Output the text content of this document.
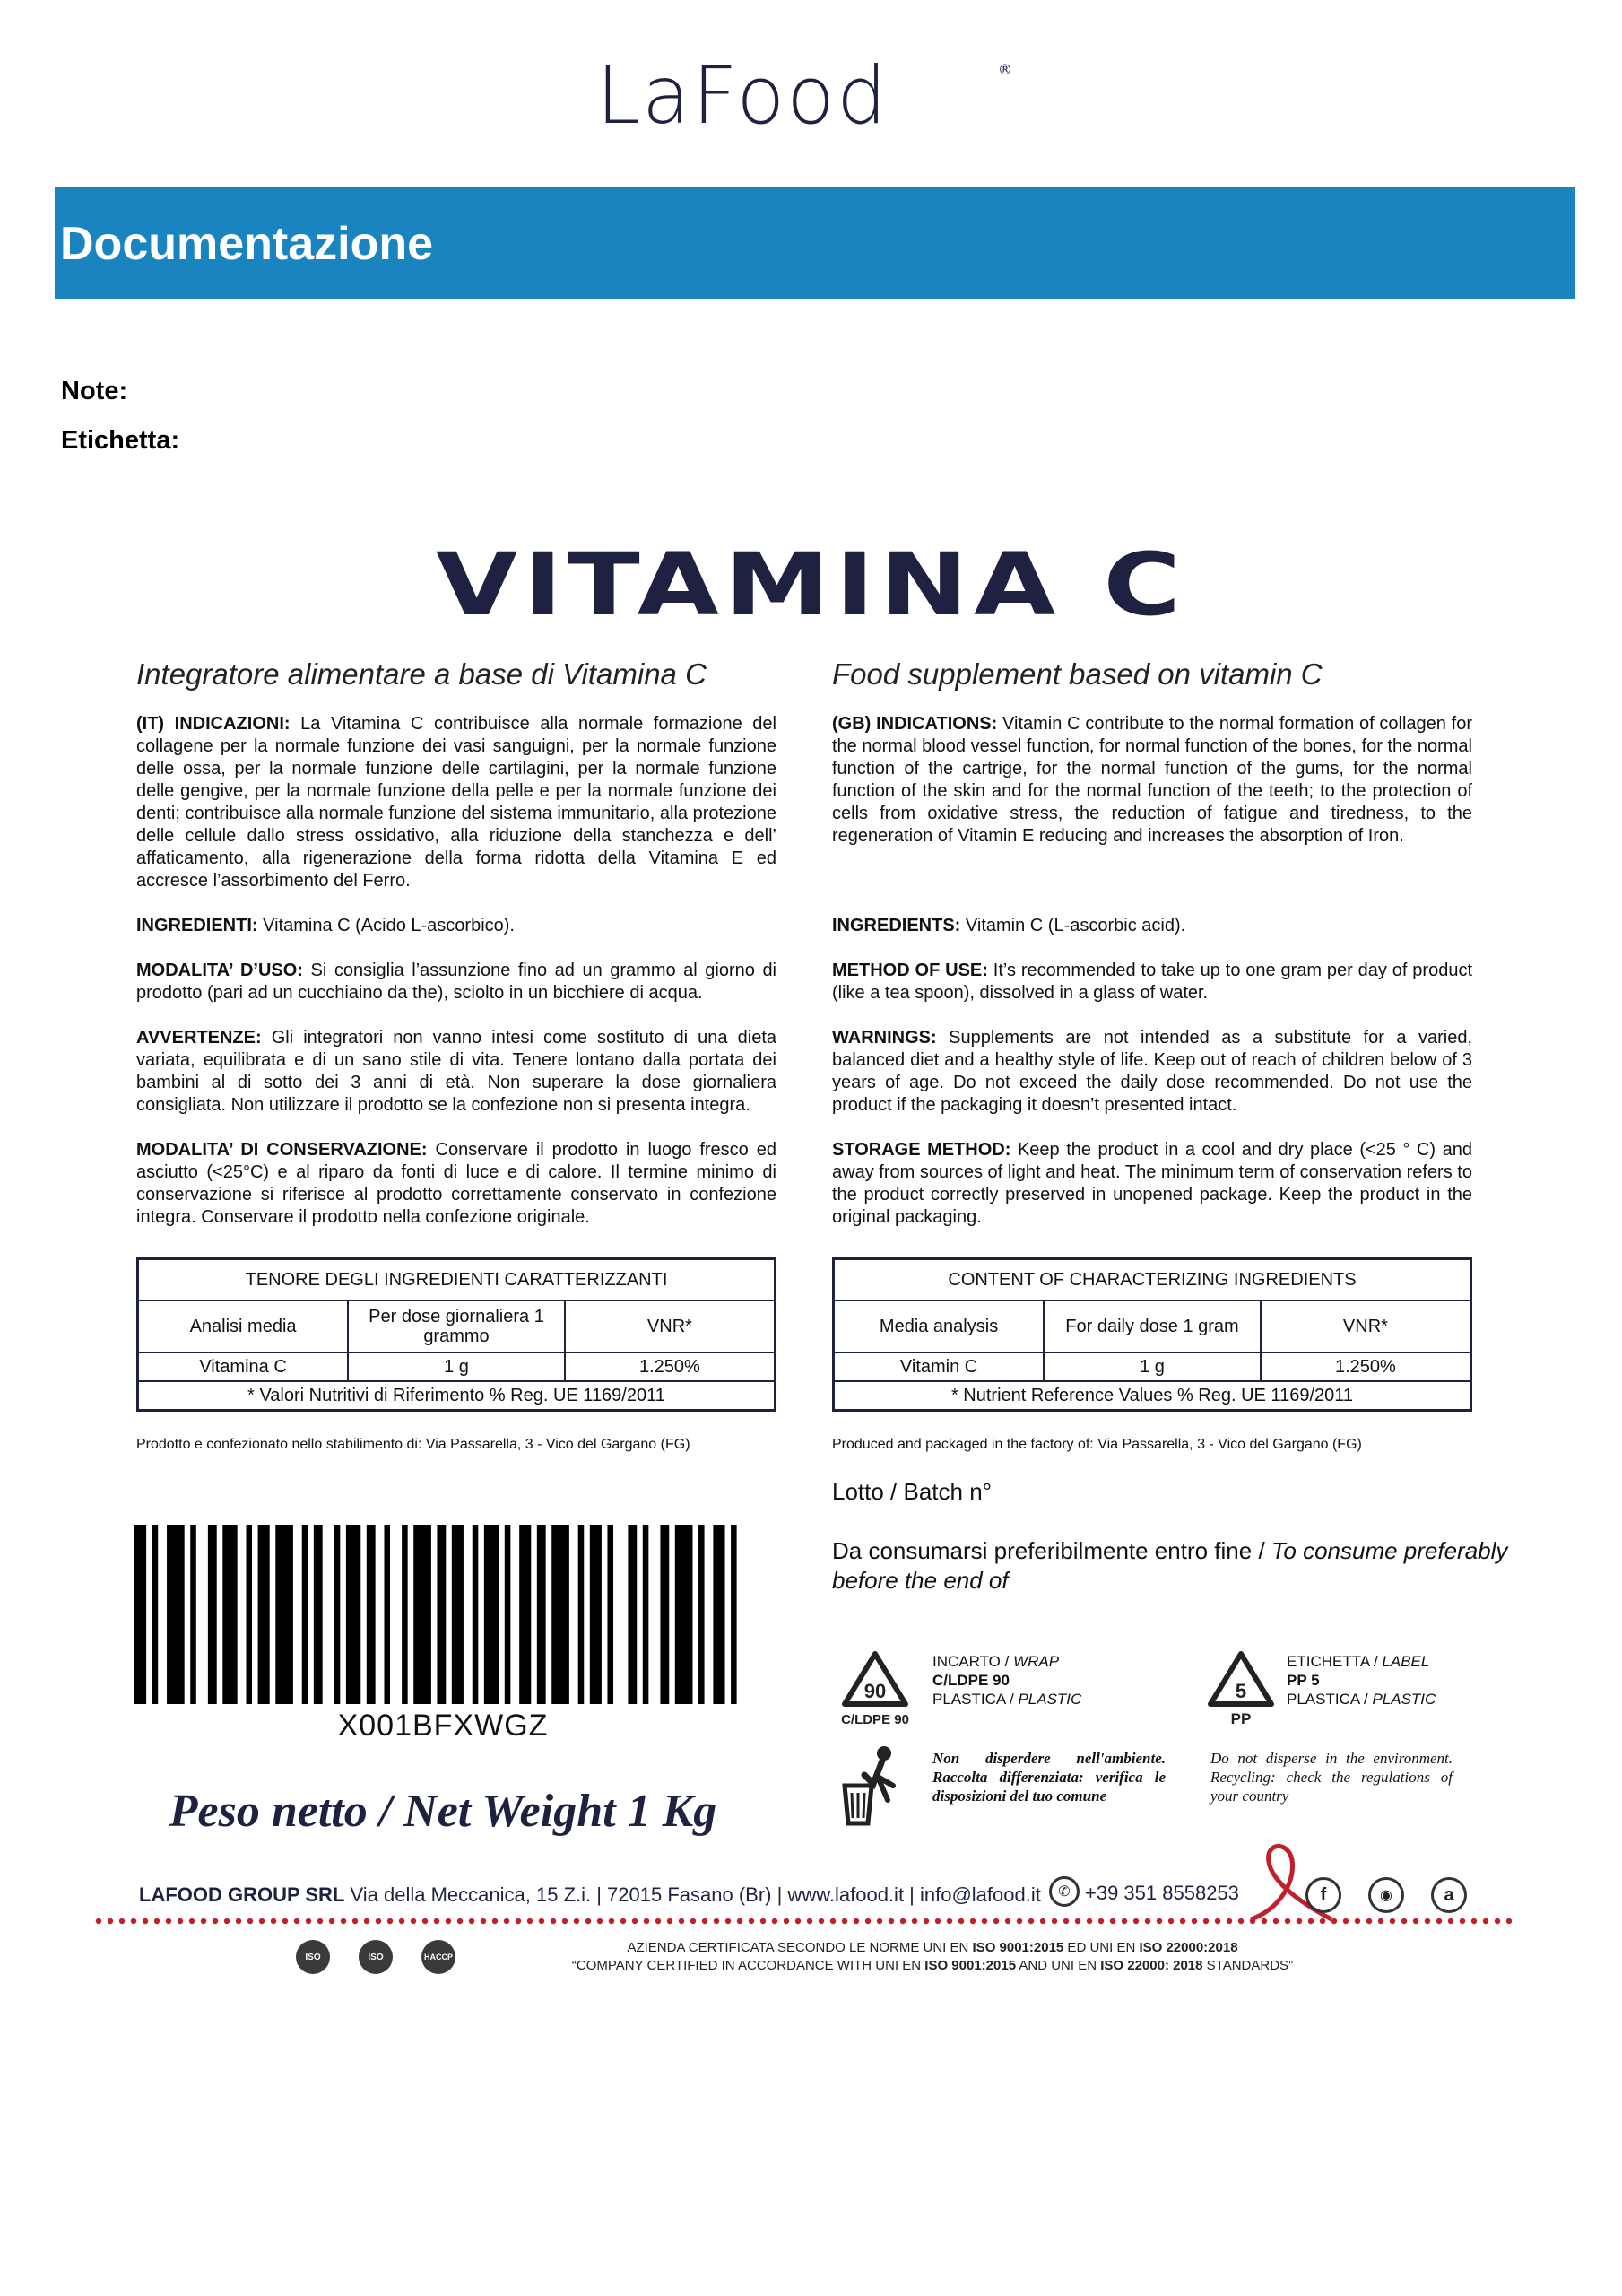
LaFood	®
Documentazione
Note:
Etichetta:
VITAMINA C
Integratore alimentare a base di Vitamina C
(IT) INDICAZIONI: La Vitamina C contribuisce alla normale formazione del collagene per la normale funzione dei vasi sanguigni, per la normale funzione delle ossa, per la normale funzione delle cartilagini, per la normale funzione delle gengive, per la normale funzione della pelle e per la normale funzione dei denti; contribuisce alla normale funzione del sistema immunitario, alla protezione delle cellule dallo stress ossidativo, alla riduzione della stanchezza e dell’ affaticamento, alla rigenerazione della forma ridotta della Vitamina E ed accresce l’assorbimento del Ferro.
INGREDIENTI: Vitamina C (Acido L-ascorbico).
MODALITA’ D’USO: Si consiglia l’assunzione fino ad un grammo al giorno di prodotto (pari ad un cucchiaino da the), sciolto in un bicchiere di acqua.
AVVERTENZE: Gli integratori non vanno intesi come sostituto di una dieta variata, equilibrata e di un sano stile di vita. Tenere lontano dalla portata dei bambini al di sotto dei 3 anni di età. Non superare la dose giornaliera consigliata. Non utilizzare il prodotto se la confezione non si presenta integra.
MODALITA’ DI CONSERVAZIONE: Conservare il prodotto in luogo fresco ed asciutto (<25°C) e al riparo da fonti di luce e di calore. Il termine minimo di conservazione si riferisce al prodotto correttamente conservato in confezione integra. Conservare il prodotto nella confezione originale.
Food supplement based on vitamin C
(GB) INDICATIONS: Vitamin C contribute to the normal formation of collagen for the normal blood vessel function, for normal function of the bones, for the normal function of the cartrige, for the normal function of the gums, for the normal function of the skin and for the normal function of the teeth; to the protection of cells from oxidative stress, the reduction of fatigue and tiredness, to the regeneration of Vitamin E reducing and increases the absorption of Iron.
INGREDIENTS: Vitamin C (L-ascorbic acid).
METHOD OF USE: It’s recommended to take up to one gram per day of product (like a tea spoon), dissolved in a glass of water.
WARNINGS: Supplements are not intended as a substitute for a varied, balanced diet and a healthy style of life. Keep out of reach of children below of 3 years of age. Do not exceed the daily dose recommended. Do not use the product if the packaging it doesn’t presented intact.
STORAGE METHOD: Keep the product in a cool and dry place (<25 ° C) and away from sources of light and heat. The minimum term of conservation refers to the product correctly preserved in unopened package. Keep the product in the original packaging.
TENORE DEGLI INGREDIENTI CARATTERIZZANTI		
Analisi media	Per dose giornaliera 1 grammo	VNR*
Vitamina C	1 g	1.250%
* Valori Nutritivi di Riferimento % Reg. UE 1169/2011		
CONTENT OF CHARACTERIZING INGREDIENTS		
Media analysis	For daily dose 1 gram	VNR*
Vitamin C	1 g	1.250%
* Nutrient Reference Values % Reg. UE 1169/2011		
Prodotto e confezionato nello stabilimento di: Via Passarella, 3 - Vico del Gargano (FG)	Produced and packaged in the factory of: Via Passarella, 3 - Vico del Gargano (FG)
Lotto / Batch n°
Da consumarsi preferibilmente entro fine / To consume preferably before the end of
X001BFXWGZ
Peso netto / Net Weight 1 Kg
90
C/LDPE 90
INCARTO / WRAP
C/LDPE 90
PLASTICA / PLASTIC	5
PP
ETICHETTA / LABEL
PP 5
PLASTICA / PLASTIC
Non disperdere nell'ambiente. Raccolta differenziata: verifica le disposizioni del tuo comune
Do not disperse in the environment. Recycling: check the regulations of your country
LAFOOD GROUP SRL Via della Meccanica, 15 Z.i. | 72015 Fasano (Br) | www.lafood.it | info@lafood.it	✆ +39 351 8558253	f	◉	a
ISO	ISO	HACCP
AZIENDA CERTIFICATA SECONDO LE NORME UNI EN ISO 9001:2015 ED UNI EN ISO 22000:2018
“COMPANY CERTIFIED IN ACCORDANCE WITH UNI EN ISO 9001:2015 AND UNI EN ISO 22000: 2018 STANDARDS”
